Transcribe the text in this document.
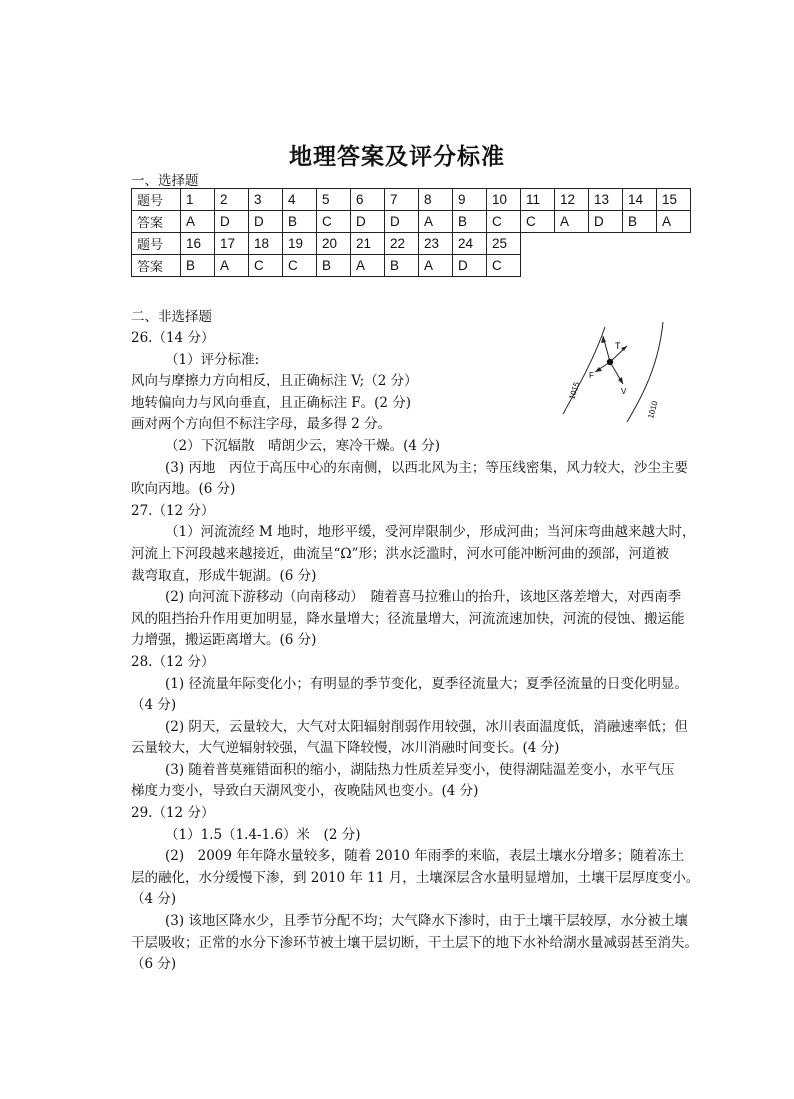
地理答案及评分标准
一、选择题
题号	1	2	3	4	5	6	7	8	9	10	11	12	13	14	15
答案	A	D	D	B	C	D	D	A	B	C	C	A	D	B	A
题号	16	17	18	19	20	21	22	23	24	25					
答案	B	A	C	C	B	A	B	A	D	C					
二、非选择题
F
V
T
1015
1010

26.（14 分）

（1）评分标准:

风向与摩擦力方向相反，且正确标注 V;（2 分）

地转偏向力与风向垂直，且正确标注 F。(2 分)

画对两个方向但不标注字母，最多得 2 分。

（2）下沉辐散　晴朗少云，寒冷干燥。(4 分)

(3) 丙地　丙位于高压中心的东南侧，以西北风为主；等压线密集，风力较大，沙尘主要

吹向丙地。(6 分)

27.（12 分）

（1）河流流经 M 地时，地形平缓，受河岸限制少，形成河曲；当河床弯曲越来越大时，

河流上下河段越来越接近，曲流呈“Ω”形；洪水泛滥时，河水可能冲断河曲的颈部，河道被

裁弯取直，形成牛轭湖。(6 分)

(2) 向河流下游移动（向南移动）　随着喜马拉雅山的抬升，该地区落差增大，对西南季

风的阻挡抬升作用更加明显，降水量增大；径流量增大，河流流速加快，河流的侵蚀、搬运能

力增强，搬运距离增大。(6 分)

28.（12 分）

(1) 径流量年际变化小；有明显的季节变化，夏季径流量大；夏季径流量的日变化明显。

（4 分)

(2) 阴天，云量较大，大气对太阳辐射削弱作用较强，冰川表面温度低，消融速率低；但

云量较大，大气逆辐射较强，气温下降较慢，冰川消融时间变长。(4 分)

(3) 随着普莫雍错面积的缩小，湖陆热力性质差异变小，使得湖陆温差变小，水平气压

梯度力变小，导致白天湖风变小，夜晚陆风也变小。(4 分)

29.（12 分）

（1）1.5（1.4-1.6）米　(2 分)

(2)　2009 年年降水量较多，随着 2010 年雨季的来临，表层土壤水分增多；随着冻土

层的融化，水分缓慢下渗，到 2010 年 11 月，土壤深层含水量明显增加，土壤干层厚度变小。

（4 分)

(3) 该地区降水少，且季节分配不均；大气降水下渗时，由于土壤干层较厚，水分被土壤

干层吸收；正常的水分下渗环节被土壤干层切断，干土层下的地下水补给湖水量减弱甚至消失。

（6 分)
